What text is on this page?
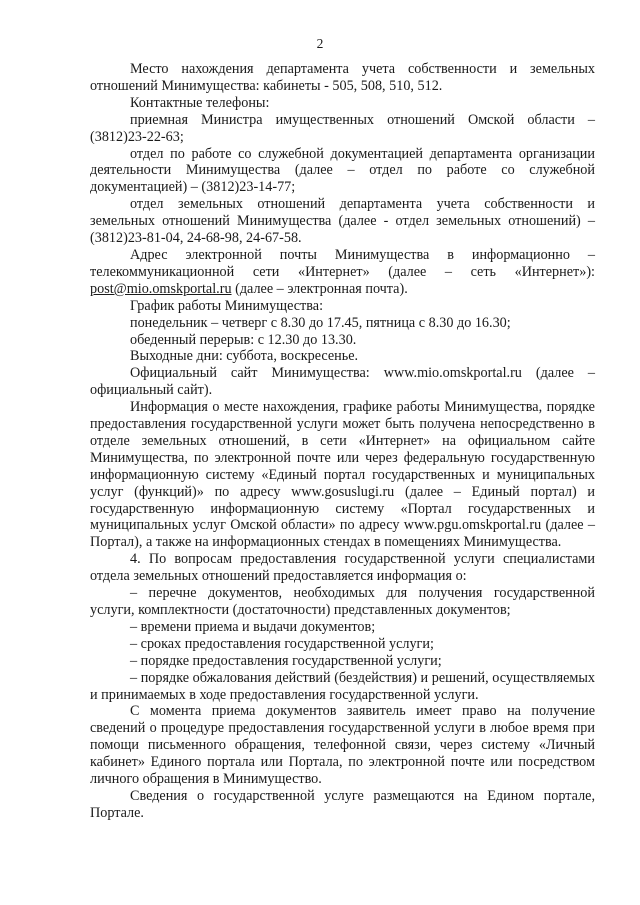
2

Место нахождения департамента учета собственности и земельных отношений Минимущества: кабинеты - 505, 508, 510, 512.

Контактные телефоны:

приемная Министра имущественных отношений Омской области – (3812)23-22-63;

отдел по работе со служебной документацией департамента организации деятельности Минимущества (далее – отдел по работе со служебной документацией) – (3812)23-14-77;

отдел земельных отношений департамента учета собственности и земельных отношений Минимущества (далее - отдел земельных отношений) – (3812)23-81-04, 24-68-98, 24-67-58.

Адрес электронной почты Минимущества в информационно – телекоммуникационной сети «Интернет» (далее – сеть «Интернет»): post@mio.omskportal.ru (далее – электронная почта).

График работы Минимущества:

понедельник – четверг с 8.30 до 17.45, пятница с 8.30 до 16.30;

обеденный перерыв: с 12.30 до 13.30.

Выходные дни: суббота, воскресенье.

Официальный сайт Минимущества: www.mio.omskportal.ru (далее – официальный сайт).

Информация о месте нахождения, графике работы Минимущества, порядке предоставления государственной услуги может быть получена непосредственно в отделе земельных отношений, в сети «Интернет» на официальном сайте Минимущества, по электронной почте или через федеральную государственную информационную систему «Единый портал государственных и муниципальных услуг (функций)» по адресу www.gosuslugi.ru (далее – Единый портал) и государственную информационную систему «Портал государственных и муниципальных услуг Омской области» по адресу www.pgu.omskportal.ru (далее – Портал), а также на информационных стендах в помещениях Минимущества.

4. По вопросам предоставления государственной услуги специалистами отдела земельных отношений предоставляется информация о:

– перечне документов, необходимых для получения государственной услуги, комплектности (достаточности) представленных документов;

– времени приема и выдачи документов;

– сроках предоставления государственной услуги;

– порядке предоставления государственной услуги;

– порядке обжалования действий (бездействия) и решений, осуществляемых и принимаемых в ходе предоставления государственной услуги.

С момента приема документов заявитель имеет право на получение сведений о процедуре предоставления государственной услуги в любое время при помощи письменного обращения, телефонной связи, через систему «Личный кабинет» Единого портала или Портала, по электронной почте или посредством личного обращения в Минимущество.

Сведения о государственной услуге размещаются на Едином портале, Портале.
